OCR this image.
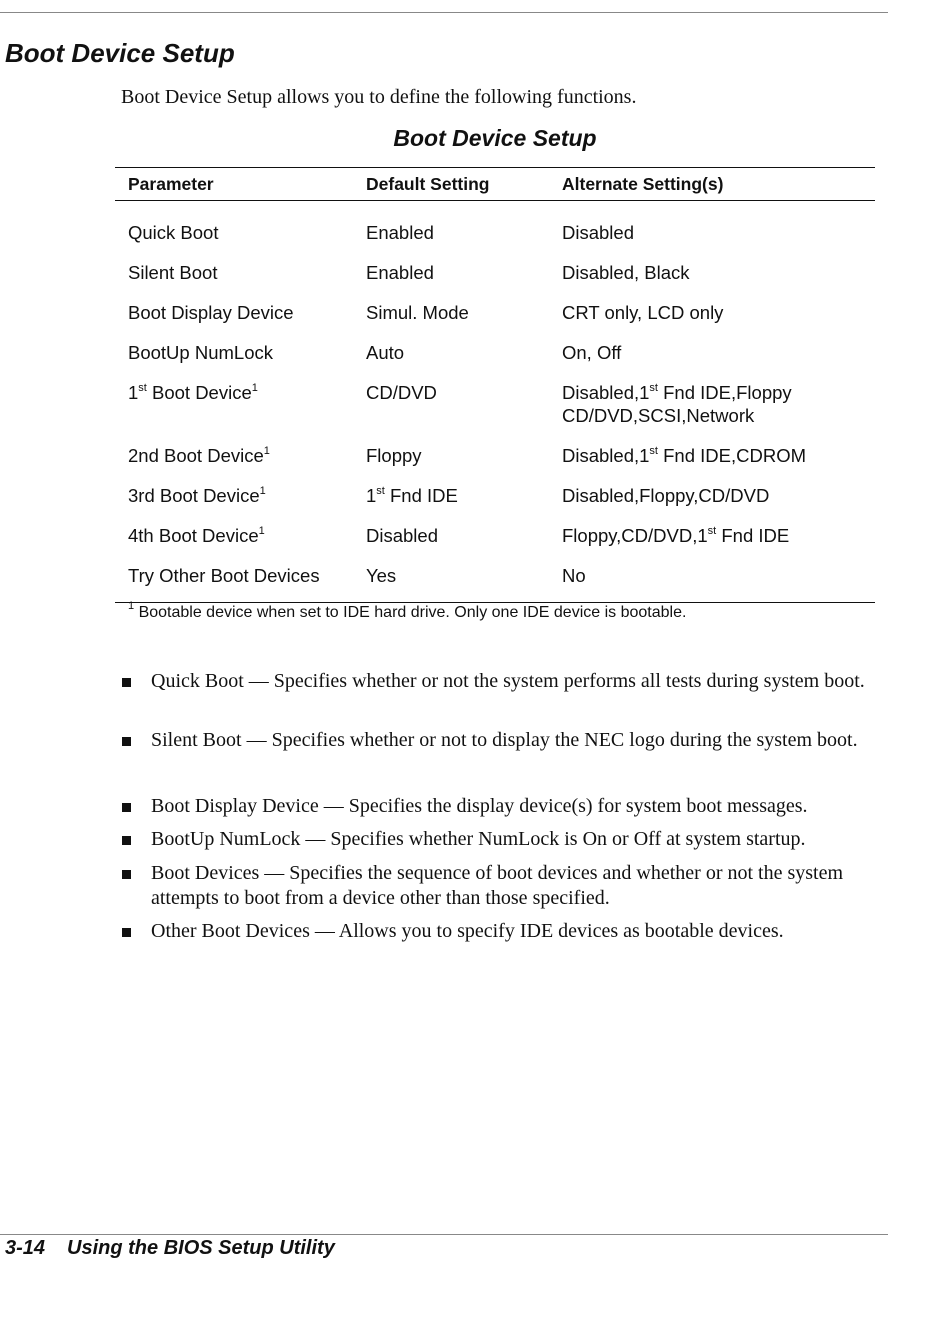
Boot Device Setup
Boot Device Setup allows you to define the following functions.
Boot Device Setup
Parameter	Default Setting	Alternate Setting(s)
Quick Boot	Enabled	Disabled
Silent Boot	Enabled	Disabled, Black
Boot Display Device	Simul. Mode	CRT only, LCD only
BootUp NumLock	Auto	On, Off
1st Boot Device$^1$	CD/DVD	Disabled,1st Fnd IDE,Floppy
CD/DVD,SCSI,Network
2nd Boot Device$^1$	Floppy	Disabled,1st Fnd IDE,CDROM
3rd Boot Device$^1$	1st Fnd IDE	Disabled,Floppy,CD/DVD
4th Boot Device$^1$	Disabled	Floppy,CD/DVD,1st Fnd IDE
Try Other Boot Devices	Yes	No
$^1$ Bootable device when set to IDE hard drive. Only one IDE device is bootable.
Quick Boot — Specifies whether or not the system performs all tests during system boot.
Silent Boot — Specifies whether or not to display the NEC logo during the system boot.
Boot Display Device — Specifies the display device(s) for system boot messages.
BootUp NumLock — Specifies whether NumLock is On or Off at system startup.
Boot Devices — Specifies the sequence of boot devices and whether or not the system attempts to boot from a device other than those specified.
Other Boot Devices — Allows you to specify IDE devices as bootable devices.
3-14 Using the BIOS Setup Utility
